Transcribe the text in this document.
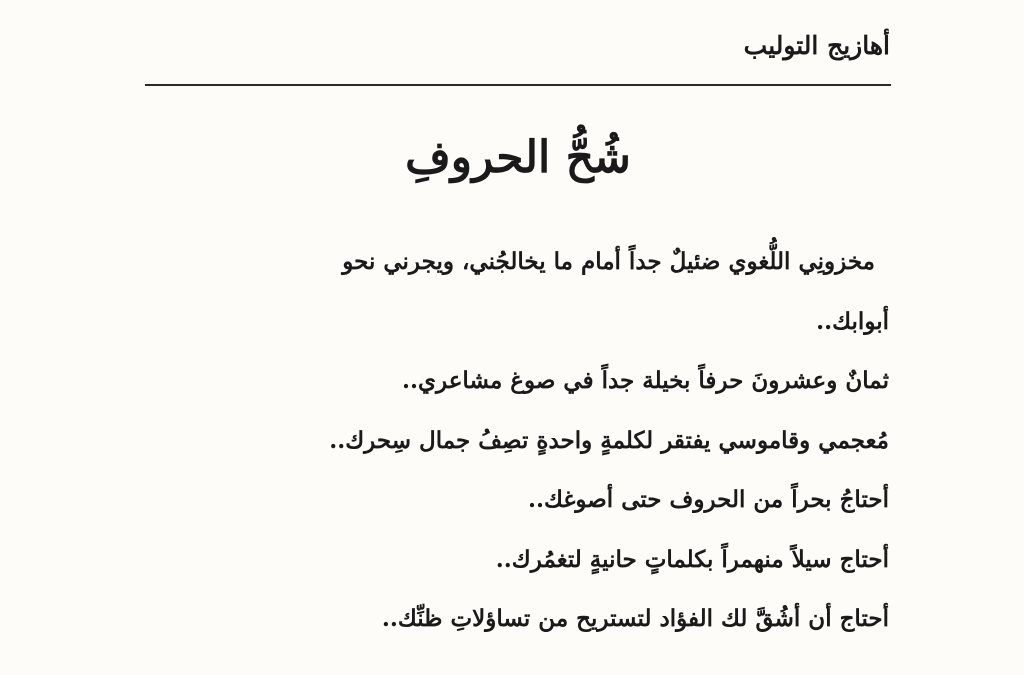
أهازيج التوليب
شُحُّ الحروفِ
مخزونِي اللُّغوي ضئيلٌ جداً أمام ما يخالجُني، ويجرني نحو
أبوابك..
ثمانٌ وعشرونَ حرفاً بخيلة جداً في صوغ مشاعري..
مُعجمي وقاموسي يفتقر لكلمةٍ واحدةٍ تصِفُ جمال سِحرك..
أحتاجُ بحراً من الحروف حتى أصوغك..
أحتاج سيلاً منهمراً بكلماتٍ حانيةٍ لتغمُرك..
أحتاج أن أشُقَّ لك الفؤاد لتستريح من تساؤلاتِ ظنِّك..
